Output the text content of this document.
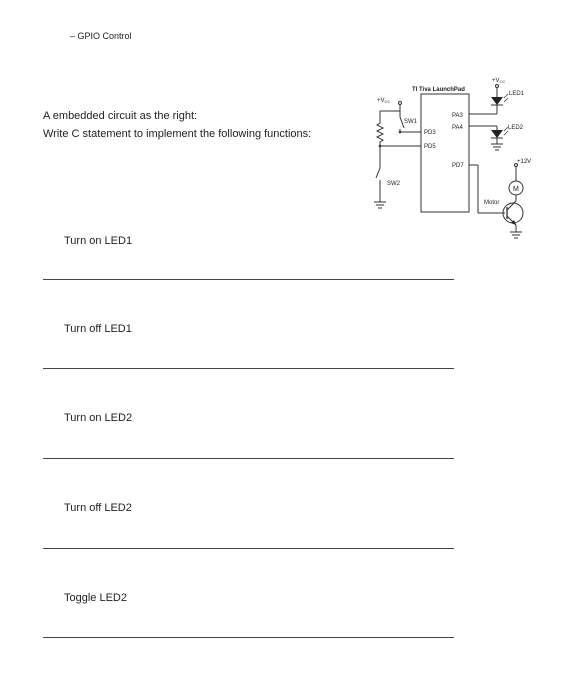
– GPIO Control
A embedded circuit as the right:
Write C statement to implement the following functions:
TI Tiva LaunchPad
PA3
PA4
PD3
PD5
PD7
+VCC
SW1
SW2
+VCC
LED1
LED2
+12V
M
Motor
Turn on LED1
Turn off LED1
Turn on LED2
Turn off LED2
Toggle LED2
